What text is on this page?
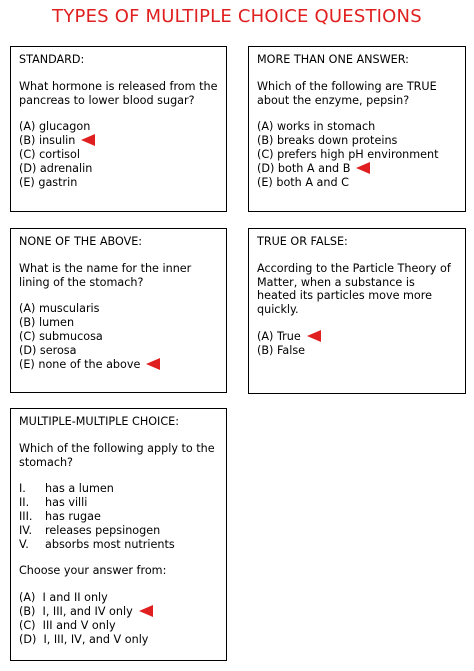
TYPES OF MULTIPLE CHOICE QUESTIONS
STANDARD:
What hormone is released from the pancreas to lower blood sugar?
(A) glucagon
(B) insulin
(C) cortisol
(D) adrenalin
(E) gastrin
MORE THAN ONE ANSWER:
Which of the following are TRUE about the enzyme, pepsin?
(A) works in stomach
(B) breaks down proteins
(C) prefers high pH environment
(D) both A and B
(E) both A and C
NONE OF THE ABOVE:
What is the name for the inner lining of the stomach?
(A) muscularis
(B) lumen
(C) submucosa
(D) serosa
(E) none of the above
TRUE OR FALSE:
According to the Particle Theory of Matter, when a substance is heated its particles move more quickly.
(A) True
(B) False
MULTIPLE-MULTIPLE CHOICE:
Which of the following apply to the stomach?
I. has a lumen
II. has villi
III. has rugae
IV. releases pepsinogen
V. absorbs most nutrients
Choose your answer from:
(A)  I and II only
(B)  I, III, and IV only
(C)  III and V only
(D)  I, III, IV, and V only
